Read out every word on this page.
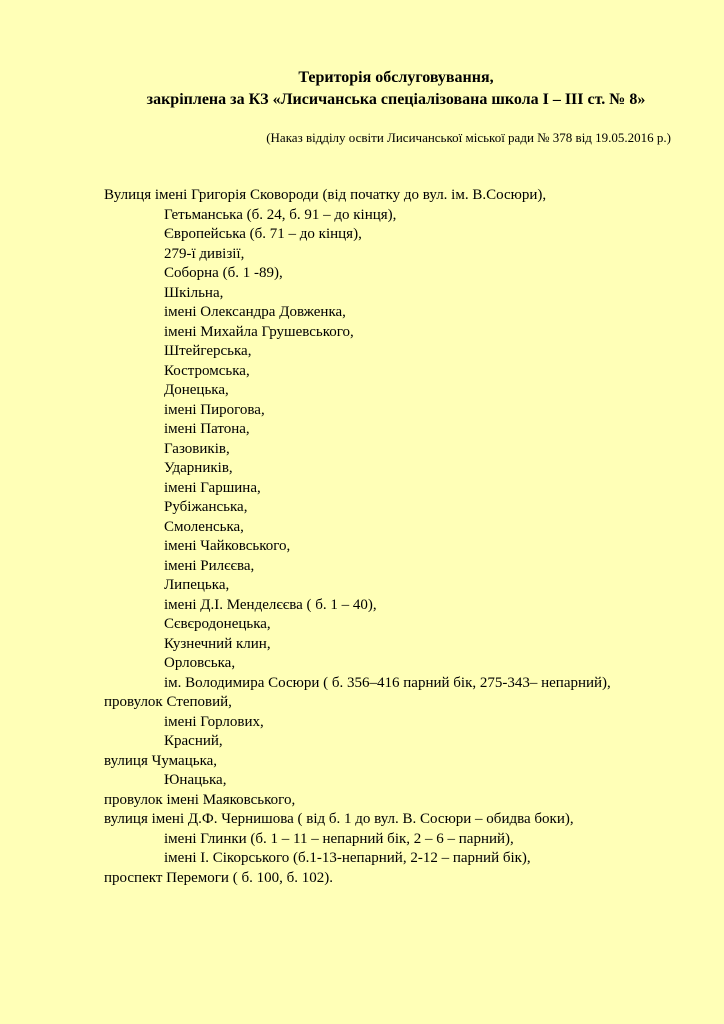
Територія обслуговування,
закріплена за КЗ «Лисичанська спеціалізована школа І – ІІІ ст. № 8»
(Наказ відділу освіти Лисичанської міської ради № 378 від 19.05.2016 р.)
Вулиця імені Григорія Сковороди (від початку до вул. ім. В.Сосюри),
Гетьманська (б. 24, б. 91 – до кінця),
Європейська (б. 71 – до кінця),
279-ї дивізії,
Соборна (б. 1 -89),
Шкільна,
імені Олександра Довженка,
імені Михайла Грушевського,
Штейгерська,
Костромська,
Донецька,
імені Пирогова,
імені Патона,
Газовиків,
Ударників,
імені Гаршина,
Рубіжанська,
Смоленська,
імені Чайковського,
імені Рилєєва,
Липецька,
імені Д.І. Менделєєва ( б. 1 – 40),
Сєвєродонецька,
Кузнечний клин,
Орловська,
ім. Володимира Сосюри ( б. 356–416 парний бік, 275-343– непарний),
провулок Степовий,
імені Горлових,
Красний,
вулиця Чумацька,
Юнацька,
провулок імені Маяковського,
вулиця імені Д.Ф. Чернишова ( від б. 1 до вул. В. Сосюри – обидва боки),
імені Глинки (б. 1 – 11 – непарний бік, 2 – 6 – парний),
імені І. Сікорського (б.1-13-непарний, 2-12 – парний бік),
проспект Перемоги ( б. 100, б. 102).
